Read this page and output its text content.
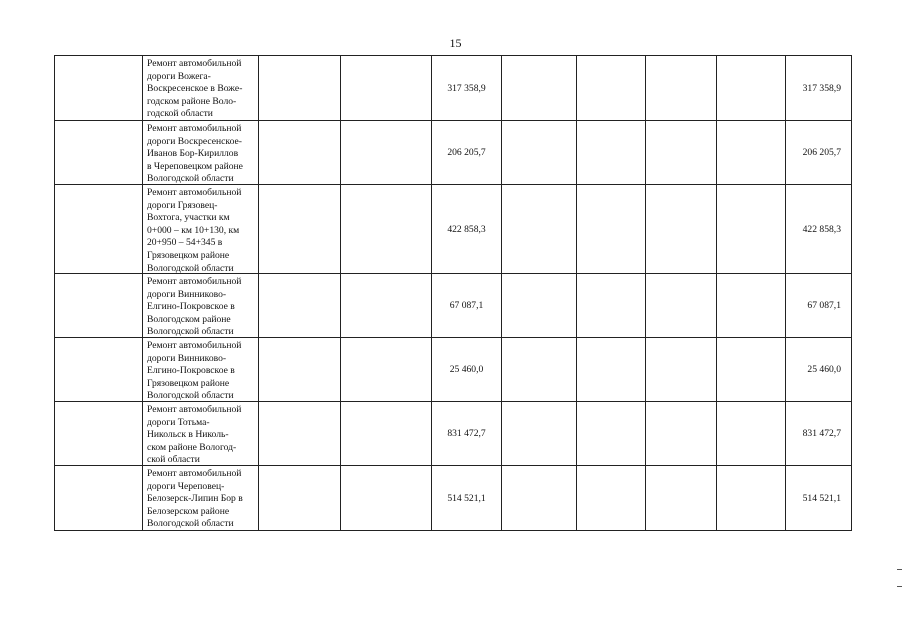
15
Ремонт автомобильной
дороги Вожега-
Воскресенское в Вожe-
годском районе Воло-
годской области
317 358,9	317 358,9
Ремонт автомобильной
дороги Воскресенское-
Иванов Бор-Кириллов
в Череповецком районе
Вологодской области
206 205,7	206 205,7
Ремонт автомобильной
дороги Грязовец-
Вохтога, участки км
0+000 – км 10+130, км
20+950 – 54+345 в
Грязовецком районе
Вологодской области
422 858,3	422 858,3
Ремонт автомобильной
дороги Винниково-
Елгино-Покровское в
Вологодском районе
Вологодской области
67 087,1	67 087,1
Ремонт автомобильной
дороги Винниково-
Елгино-Покровское в
Грязовецком районе
Вологодской области
25 460,0	25 460,0
Ремонт автомобильной
дороги Тотьма-
Никольск в Николь-
ском районе Вологод-
ской области
831 472,7	831 472,7
Ремонт автомобильной
дороги Череповец-
Белозерск-Липин Бор в
Белозерском районе
Вологодской области
514 521,1	514 521,1
